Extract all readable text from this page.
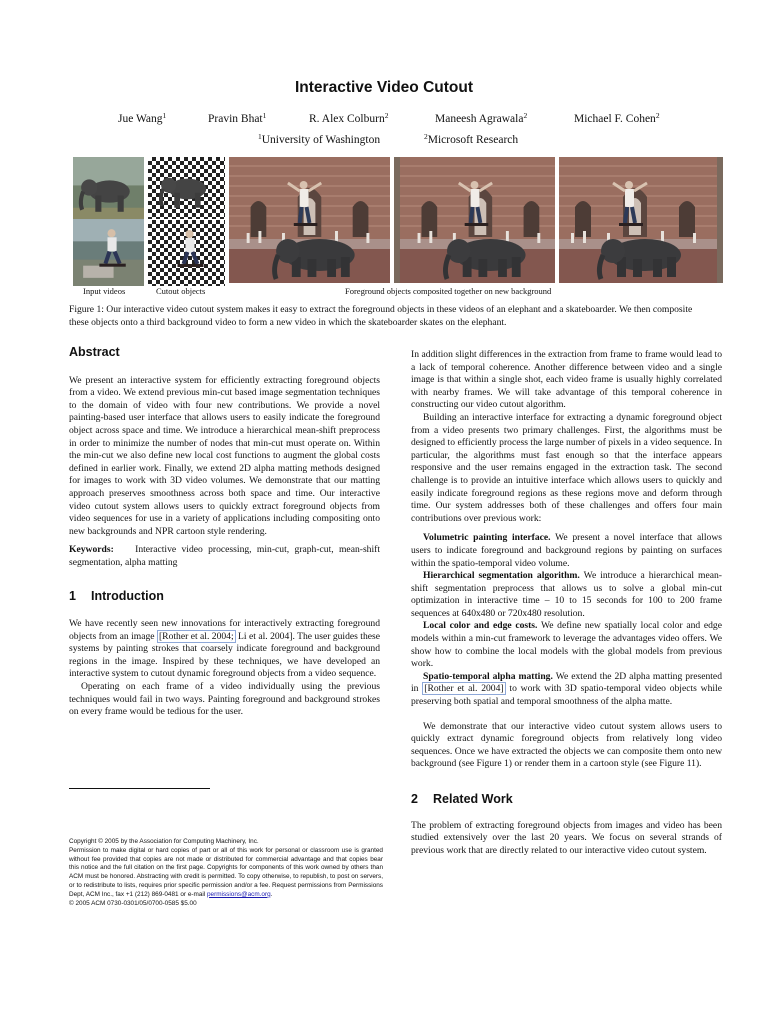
Interactive Video Cutout
Jue Wang$^1$	Pravin Bhat$^1$	R. Alex Colburn$^2$	Maneesh Agrawala$^2$	Michael F. Cohen$^2$
$^1$University of Washington	$^2$Microsoft Research
Input videos	Cutout objects	Foreground objects composited together on new background
Figure 1: Our interactive video cutout system makes it easy to extract the foreground objects in these videos of an elephant and a skateboarder. We then composite these objects onto a third background video to form a new video in which the skateboarder skates on the elephant.
Abstract

We present an interactive system for efficiently extracting foreground objects from a video. We extend previous min-cut based image segmentation techniques to the domain of video with four new contributions. We provide a novel painting-based user interface that allows users to easily indicate the foreground object across space and time. We introduce a hierarchical mean-shift preprocess in order to minimize the number of nodes that min-cut must operate on. Within the min-cut we also define new local cost functions to augment the global costs defined in earlier work. Finally, we extend 2D alpha matting methods designed for images to work with 3D video volumes. We demonstrate that our matting approach preserves smoothness across both space and time. Our interactive video cutout system allows users to quickly extract foreground objects from video sequences for use in a variety of applications including compositing onto new backgrounds and NPR cartoon style rendering.

Keywords: Interactive video processing, min-cut, graph-cut, mean-shift segmentation, alpha matting

1 Introduction

We have recently seen new innovations for interactively extracting foreground objects from an image [Rother et al. 2004; Li et al. 2004]. The user guides these systems by painting strokes that coarsely indicate foreground and background regions in the image. Inspired by these techniques, we have developed an interactive system to cutout dynamic foreground objects from a video sequence.

Operating on each frame of a video individually using the previous techniques would fail in two ways. Painting foreground and background strokes on every frame would be tedious for the user.

Copyright © 2005 by the Association for Computing Machinery, Inc.
Permission to make digital or hard copies of part or all of this work for personal or classroom use is granted without fee provided that copies are not made or distributed for commercial advantage and that copies bear this notice and the full citation on the first page. Copyrights for components of this work owned by others than ACM must be honored. Abstracting with credit is permitted. To copy otherwise, to republish, to post on servers, or to redistribute to lists, requires prior specific permission and/or a fee. Request permissions from Permissions Dept, ACM Inc., fax +1 (212) 869-0481 or e-mail permissions@acm.org.
© 2005 ACM 0730-0301/05/0700-0585 $5.00

In addition slight differences in the extraction from frame to frame would lead to a lack of temporal coherence. Another difference between video and a single image is that within a single shot, each video frame is usually highly correlated with nearby frames. We will take advantage of this temporal coherence in constructing our video cutout algorithm.

Building an interactive interface for extracting a dynamic foreground object from a video presents two primary challenges. First, the algorithms must be designed to efficiently process the large number of pixels in a video sequence. In particular, the algorithms must fast enough so that the interface appears responsive and the user remains engaged in the extraction task. The second challenge is to provide an intuitive interface which allows users to quickly and easily indicate foreground regions as these regions move and deform through time. Our system addresses both of these challenges and offers four main contributions over previous work:

Volumetric painting interface. We present a novel interface that allows users to indicate foreground and background regions by painting on surfaces within the spatio-temporal video volume.

Hierarchical segmentation algorithm. We introduce a hierarchical mean-shift segmentation preprocess that allows us to solve a global min-cut optimization in interactive time – 10 to 15 seconds for 100 to 200 frame sequences at 640x480 or 720x480 resolution.

Local color and edge costs. We define new spatially local color and edge models within a min-cut framework to leverage the advantages video offers. We show how to combine the local models with the global models from previous work.

Spatio-temporal alpha matting. We extend the 2D alpha matting presented in [Rother et al. 2004] to work with 3D spatio-temporal video objects while preserving both spatial and temporal smoothness of the alpha matte.

We demonstrate that our interactive video cutout system allows users to quickly extract dynamic foreground objects from relatively long video sequences. Once we have extracted the objects we can composite them onto new background (see Figure 1) or render them in a cartoon style (see Figure 11).

2 Related Work

The problem of extracting foreground objects from images and video has been studied extensively over the last 20 years. We focus on several strands of previous work that are directly related to our interactive video cutout system.
